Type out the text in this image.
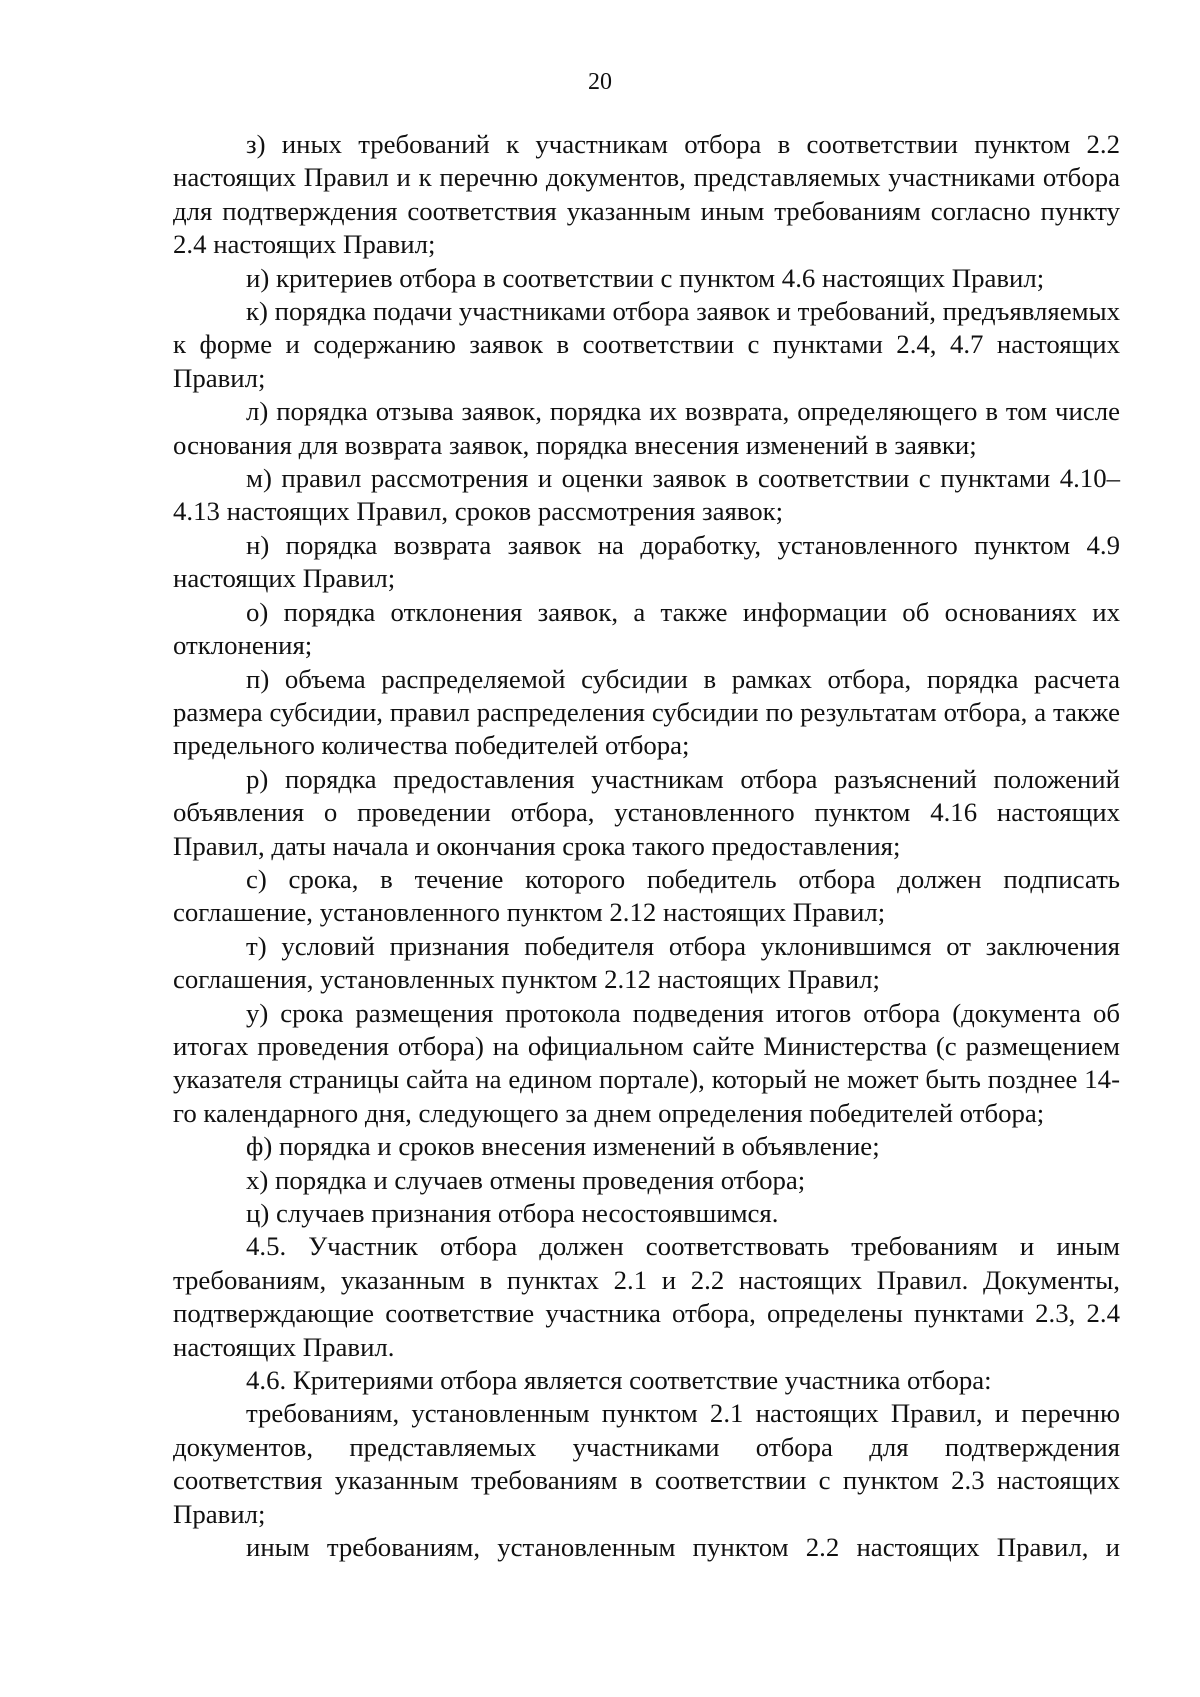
20

з) иных требований к участникам отбора в соответствии пунктом 2.2 настоящих Правил и к перечню документов, представляемых участниками отбора для подтверждения соответствия указанным иным требованиям согласно пункту 2.4 настоящих Правил;

и) критериев отбора в соответствии с пунктом 4.6 настоящих Правил;

к) порядка подачи участниками отбора заявок и требований, предъявляемых к форме и содержанию заявок в соответствии с пунктами 2.4, 4.7 настоящих Правил;

л) порядка отзыва заявок, порядка их возврата, определяющего в том числе основания для возврата заявок, порядка внесения изменений в заявки;

м) правил рассмотрения и оценки заявок в соответствии с пунктами 4.10–4.13 настоящих Правил, сроков рассмотрения заявок;

н) порядка возврата заявок на доработку, установленного пунктом 4.9 настоящих Правил;

о) порядка отклонения заявок, а также информации об основаниях их отклонения;

п) объема распределяемой субсидии в рамках отбора, порядка расчета размера субсидии, правил распределения субсидии по результатам отбора, а также предельного количества победителей отбора;

р) порядка предоставления участникам отбора разъяснений положений объявления о проведении отбора, установленного пунктом 4.16 настоящих Правил, даты начала и окончания срока такого предоставления;

с) срока, в течение которого победитель отбора должен подписать соглашение, установленного пунктом 2.12 настоящих Правил;

т) условий признания победителя отбора уклонившимся от заключения соглашения, установленных пунктом 2.12 настоящих Правил;

у) срока размещения протокола подведения итогов отбора (документа об итогах проведения отбора) на официальном сайте Министерства (с размещением указателя страницы сайта на едином портале), который не может быть позднее 14-го календарного дня, следующего за днем определения победителей отбора;

ф) порядка и сроков внесения изменений в объявление;

х) порядка и случаев отмены проведения отбора;

ц) случаев признания отбора несостоявшимся.

4.5. Участник отбора должен соответствовать требованиям и иным требованиям, указанным в пунктах 2.1 и 2.2 настоящих Правил. Документы, подтверждающие соответствие участника отбора, определены пунктами 2.3, 2.4 настоящих Правил.

4.6. Критериями отбора является соответствие участника отбора:

требованиям, установленным пунктом 2.1 настоящих Правил, и перечню документов, представляемых участниками отбора для подтверждения соответствия указанным требованиям в соответствии с пунктом 2.3 настоящих Правил;

иным требованиям, установленным пунктом 2.2 настоящих Правил, и
